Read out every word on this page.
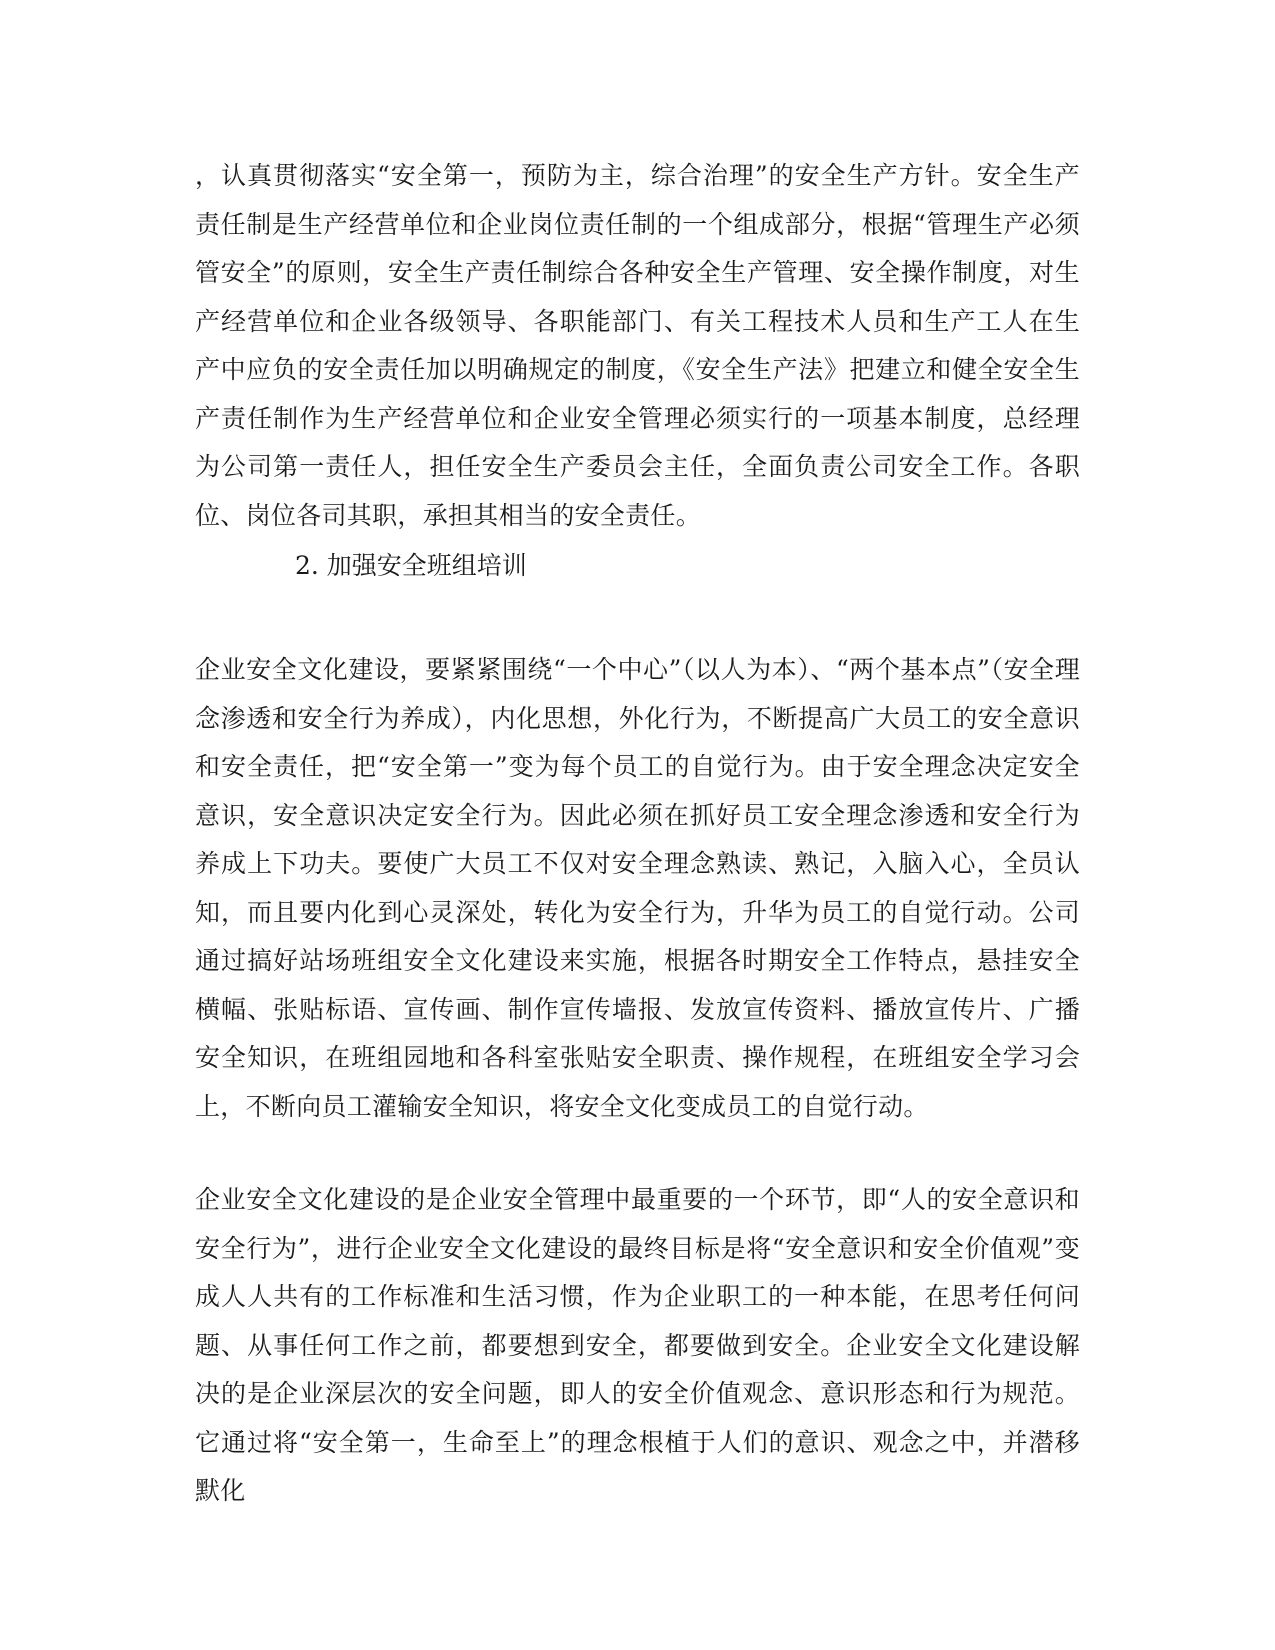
，认真贯彻落实“安全第一，预防为主，综合治理”的安全生产方针。安全生产责任制是生产经营单位和企业岗位责任制的一个组成部分，根据“管理生产必须管安全”的原则，安全生产责任制综合各种安全生产管理、安全操作制度，对生产经营单位和企业各级领导、各职能部门、有关工程技术人员和生产工人在生产中应负的安全责任加以明确规定的制度，《安全生产法》把建立和健全安全生产责任制作为生产经营单位和企业安全管理必须实行的一项基本制度，总经理为公司第一责任人，担任安全生产委员会主任，全面负责公司安全工作。各职位、岗位各司其职，承担其相当的安全责任。

2. 加强安全班组培训

企业安全文化建设，要紧紧围绕“一个中心”（以人为本）、“两个基本点”（安全理念渗透和安全行为养成），内化思想，外化行为，不断提高广大员工的安全意识和安全责任，把“安全第一”变为每个员工的自觉行为。由于安全理念决定安全意识，安全意识决定安全行为。因此必须在抓好员工安全理念渗透和安全行为养成上下功夫。要使广大员工不仅对安全理念熟读、熟记，入脑入心，全员认知，而且要内化到心灵深处，转化为安全行为，升华为员工的自觉行动。公司通过搞好站场班组安全文化建设来实施，根据各时期安全工作特点，悬挂安全横幅、张贴标语、宣传画、制作宣传墙报、发放宣传资料、播放宣传片、广播安全知识，在班组园地和各科室张贴安全职责、操作规程，在班组安全学习会上，不断向员工灌输安全知识，将安全文化变成员工的自觉行动。

企业安全文化建设的是企业安全管理中最重要的一个环节，即“人的安全意识和安全行为”，进行企业安全文化建设的最终目标是将“安全意识和安全价值观”变成人人共有的工作标准和生活习惯，作为企业职工的一种本能，在思考任何问题、从事任何工作之前，都要想到安全，都要做到安全。企业安全文化建设解决的是企业深层次的安全问题，即人的安全价值观念、意识形态和行为规范。它通过将“安全第一，生命至上”的理念根植于人们的意识、观念之中，并潜移默化
